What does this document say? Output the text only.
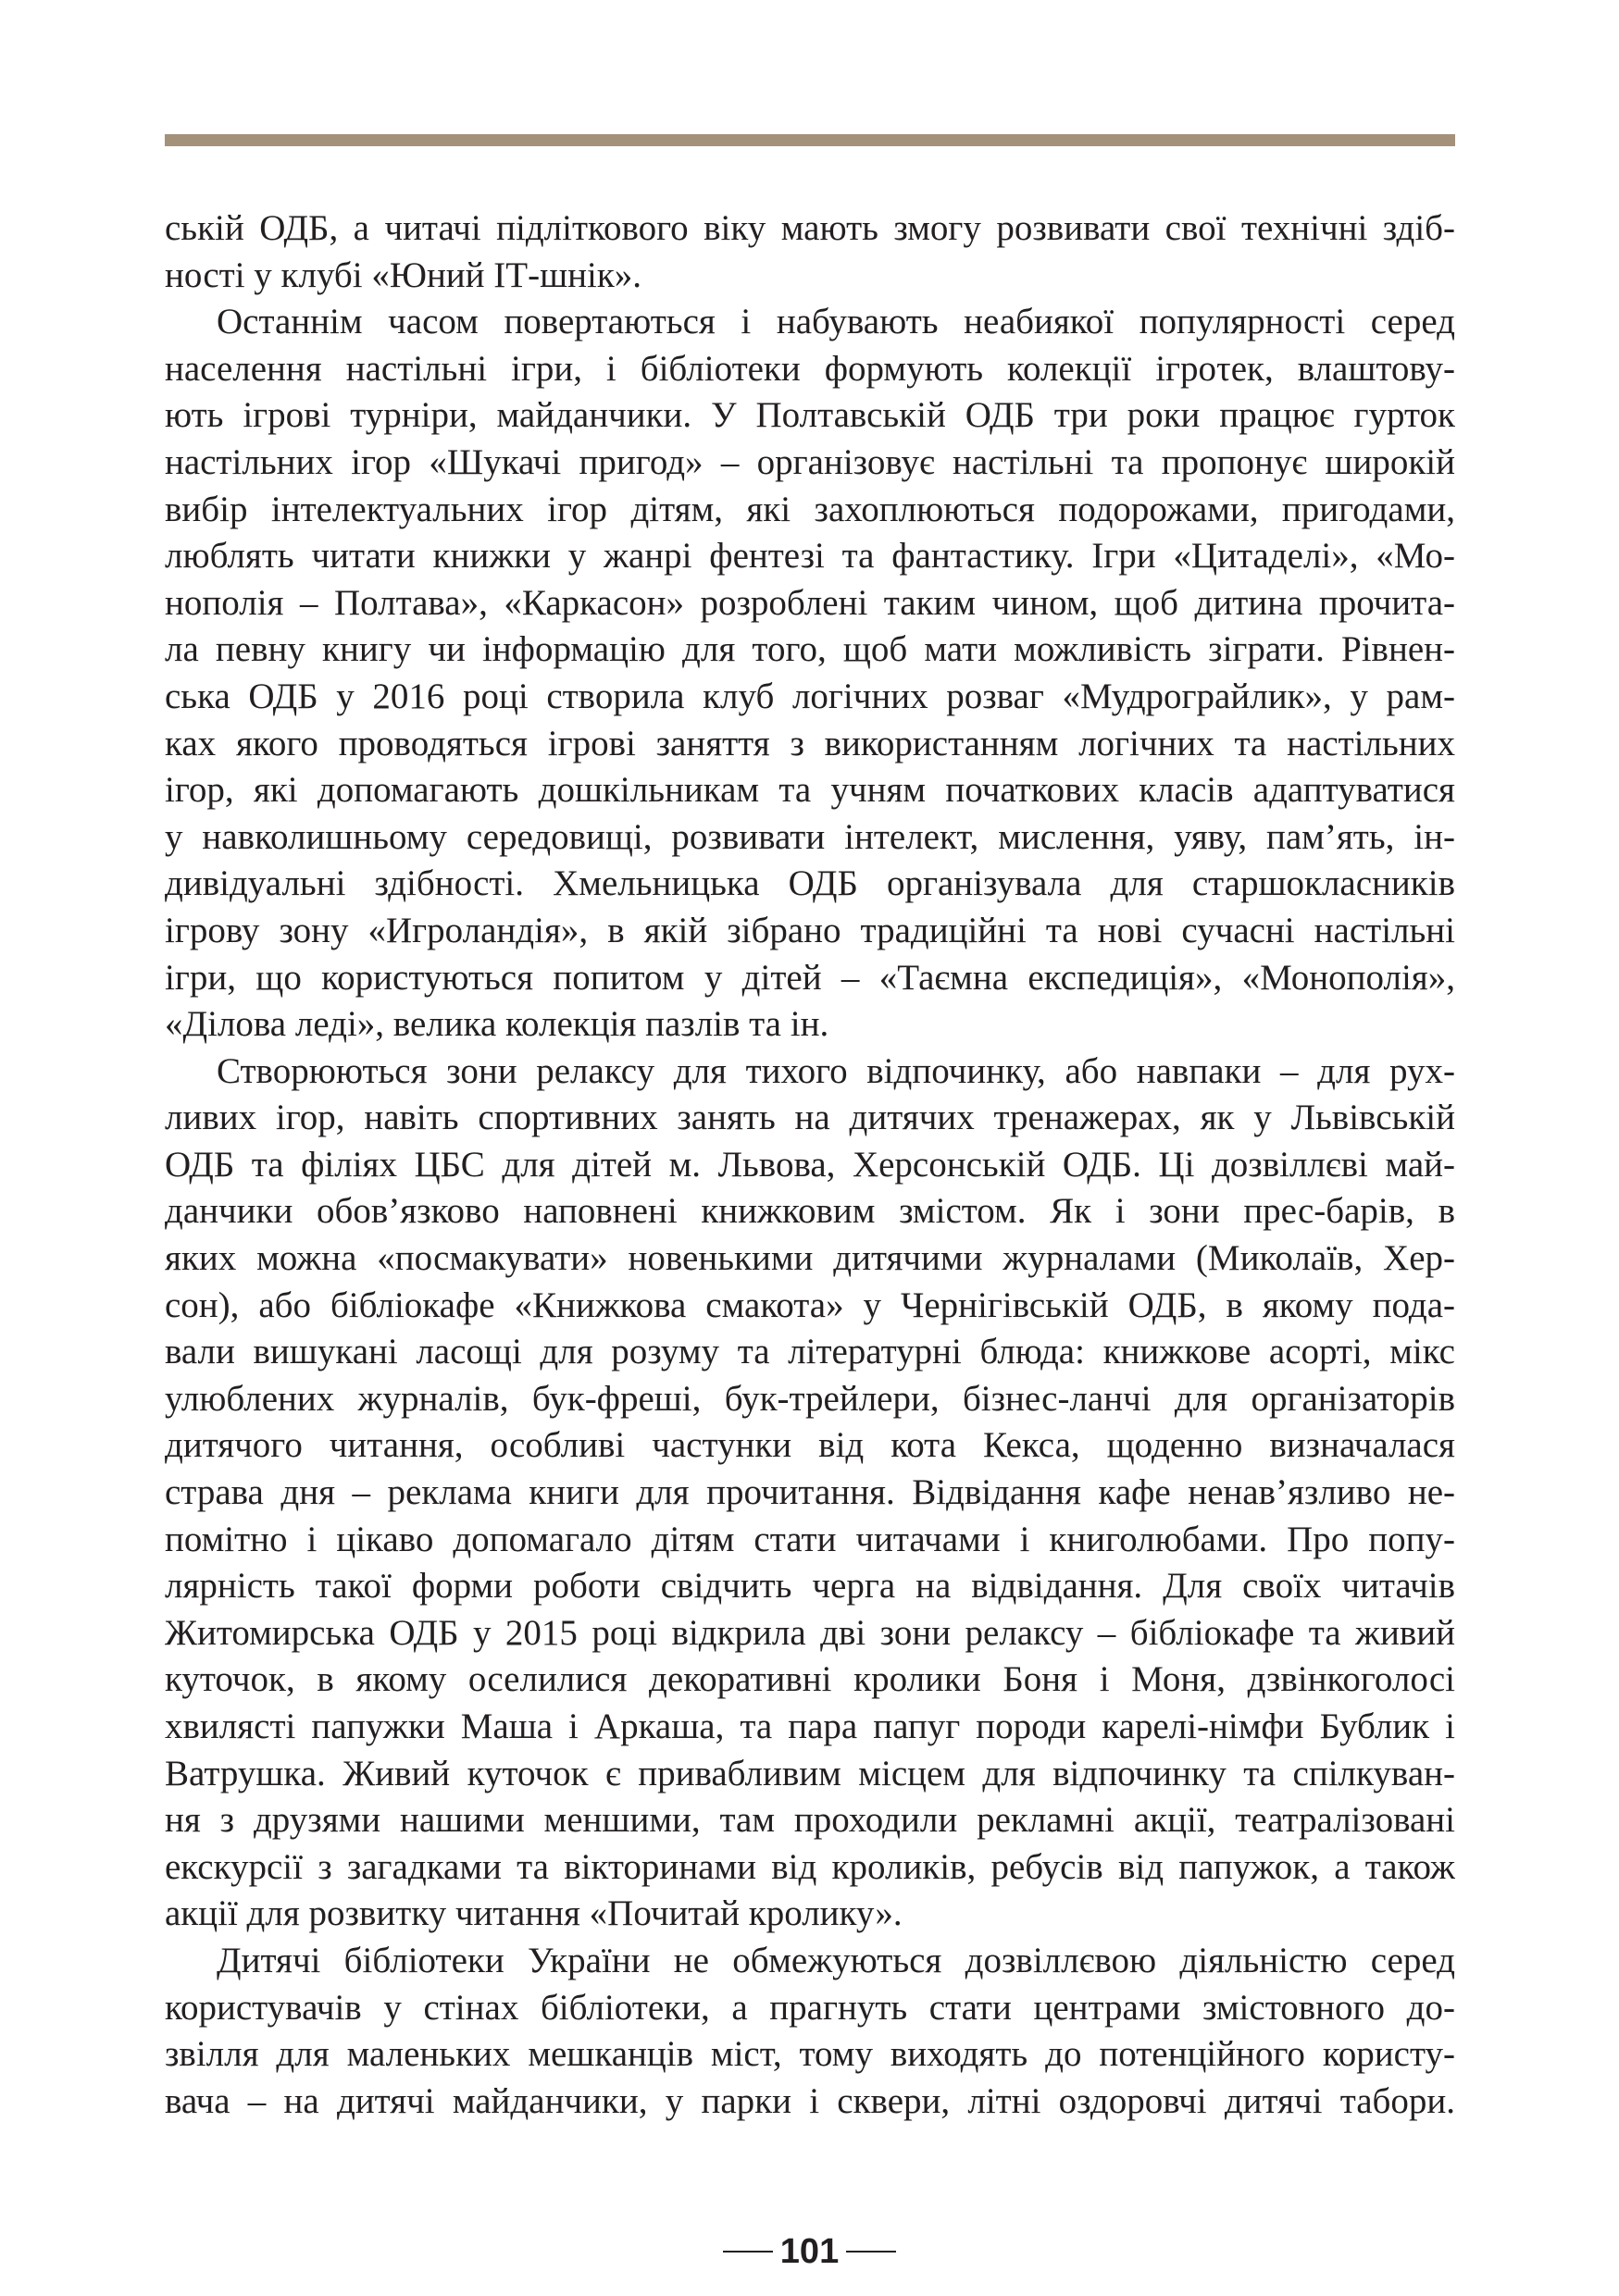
ській ОДБ, а читачі підліткового віку мають змогу розвивати свої технічні здіб-
ності у клубі «Юний ІТ-шнік».
Останнім часом повертаються і набувають неабиякої популярності серед
населення настільні ігри, і бібліотеки формують колекції ігроτек, влаштову-
ють ігрові турніри, майданчики. У Полтавській ОДБ три роки працює гурток
настільних ігор «Шукачі пригод» – організовує настільні та пропонує широкій
вибір інтелектуальних ігор дітям, які захоплюються подорожами, пригодами,
люблять читати книжки у жанрі фентезі та фантастику. Ігри «Цитаделі», «Мо-
нополія – Полтава», «Каркасон» розроблені таким чином, щоб дитина прочита-
ла певну книгу чи інформацію для того, щоб мати можливість зіграти. Рівнен-
ська ОДБ у 2016 році створила клуб логічних розваг «Мудрограйлик», у рам-
ках якого проводяться ігрові заняття з використанням логічних та настільних
ігор, які допомагають дошкільникам та учням початкових класів адаптуватися
у навколишньому середовищі, розвивати інтелект, мислення, уяву, пам’ять, ін-
дивідуальні здібності. Хмельницька ОДБ організувала для старшокласників
ігрову зону «Игроландія», в якій зібрано традиційні та нові сучасні настільні
ігри, що користуються попитом у дітей – «Таємна експедиція», «Монополія»,
«Ділова леді», велика колекція пазлів та ін.
Створюються зони релаксу для тихого відпочинку, або навпаки – для рух-
ливих ігор, навіть спортивних занять на дитячих тренажерах, як у Львівській
ОДБ та філіях ЦБС для дітей м. Львова, Херсонській ОДБ. Ці дозвіллєві май-
данчики обов’язково наповнені книжковим змістом. Як і зони прес-барів, в
яких можна «посмакувати» новенькими дитячими журналами (Миколаїв, Хер-
сон), або бібліокафе «Книжкова смакота» у Чернігівській ОДБ, в якому пода-
вали вишукані ласощі для розуму та літературні блюда: книжкове асорті, мікс
улюблених журналів, бук-фреші, бук-трейлери, бізнес-ланчі для організаторів
дитячого читання, особливі частунки від кота Кекса, щоденно визначалася
страва дня – реклама книги для прочитання. Відвідання кафе ненав’язливо не-
помітно і цікаво допомагало дітям стати читачами і книголюбами. Про попу-
лярність такої форми роботи свідчить черга на відвідання. Для своїх читачів
Житомирська ОДБ у 2015 році відкрила дві зони релаксу – бібліокафе та живий
куточок, в якому оселилися декоративні кролики Боня і Моня, дзвінкоголосі
хвилясті папужки Маша і Аркаша, та пара папуг породи карелі-німфи Бублик і
Ватрушка. Живий куточок є привабливим місцем для відпочинку та спілкуван-
ня з друзями нашими меншими, там проходили рекламні акції, театралізовані
екскурсії з загадками та вікторинами від кроликів, ребусів від папужок, а також
акції для розвитку читання «Почитай кролику».
Дитячі бібліотеки України не обмежуються дозвіллєвою діяльністю серед
користувачів у стінах бібліотеки, а прагнуть стати центрами змістовного до-
звілля для маленьких мешканців міст, тому виходять до потенційного користу-
вача – на дитячі майданчики, у парки і сквери, літні оздоровчі дитячі табори.
101
